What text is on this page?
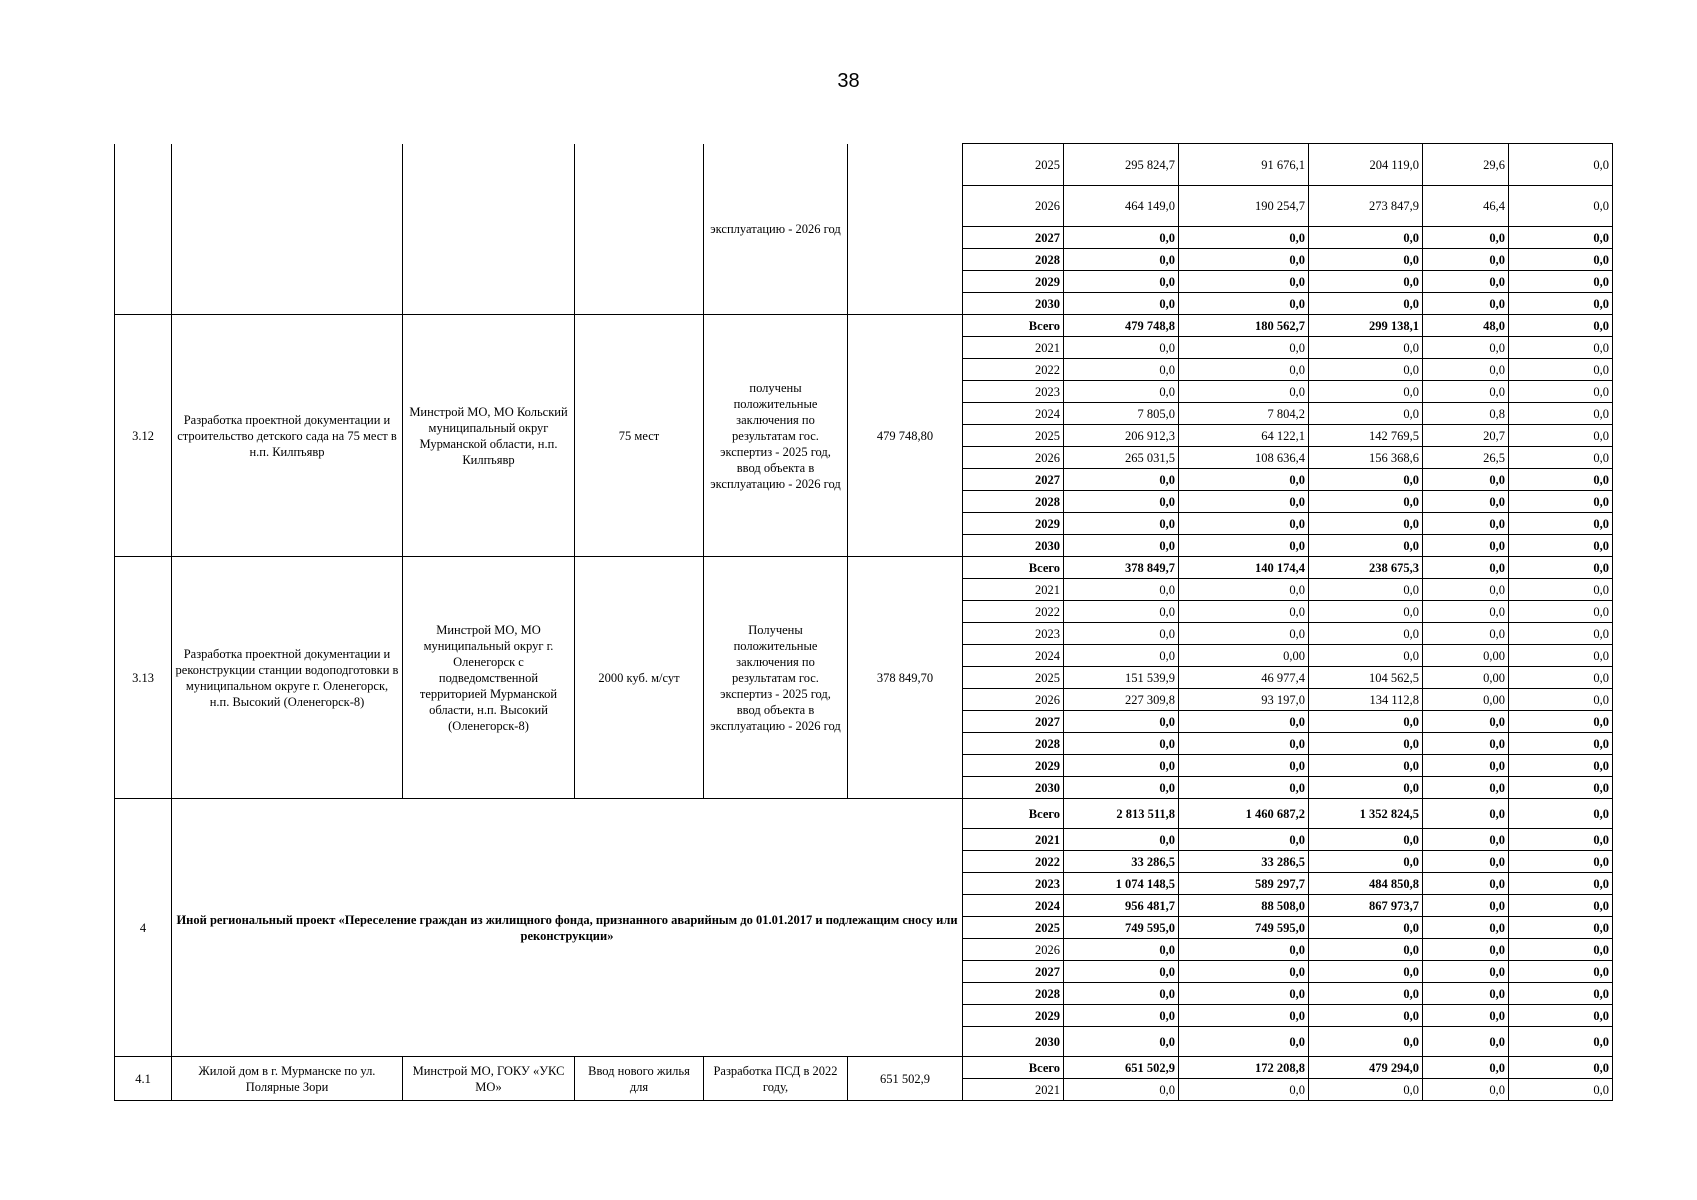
38
				эксплуатацию - 2026 год		2025	295 824,7	91 676,1	204 119,0	29,6	0,0
						2026	464 149,0	190 254,7	273 847,9	46,4	0,0
						2027	0,0	0,0	0,0	0,0	0,0
						2028	0,0	0,0	0,0	0,0	0,0
						2029	0,0	0,0	0,0	0,0	0,0
						2030	0,0	0,0	0,0	0,0	0,0
3.12	Разработка проектной документации и строительство детского сада на 75 мест в н.п. Килпъявр	Минстрой МО, МО Кольский муниципальный округ Мурманской области, н.п. Килпъявр	75 мест	получены положительные заключения по результатам гос. экспертиз - 2025 год, ввод объекта в эксплуатацию - 2026 год	479 748,80	Всего	479 748,8	180 562,7	299 138,1	48,0	0,0
						2021	0,0	0,0	0,0	0,0	0,0
						2022	0,0	0,0	0,0	0,0	0,0
						2023	0,0	0,0	0,0	0,0	0,0
						2024	7 805,0	7 804,2	0,0	0,8	0,0
						2025	206 912,3	64 122,1	142 769,5	20,7	0,0
						2026	265 031,5	108 636,4	156 368,6	26,5	0,0
						2027	0,0	0,0	0,0	0,0	0,0
						2028	0,0	0,0	0,0	0,0	0,0
						2029	0,0	0,0	0,0	0,0	0,0
						2030	0,0	0,0	0,0	0,0	0,0
3.13	Разработка проектной документации и реконструкции станции водоподготовки в муниципальном округе г. Оленегорск, н.п. Высокий (Оленегорск-8)	Минстрой МО, МО муниципальный округ г. Оленегорск с подведомственной территорией Мурманской области, н.п. Высокий (Оленегорск-8)	2000 куб. м/сут	Получены положительные заключения по результатам гос. экспертиз - 2025 год, ввод объекта в эксплуатацию - 2026 год	378 849,70	Всего	378 849,7	140 174,4	238 675,3	0,0	0,0
						2021	0,0	0,0	0,0	0,0	0,0
						2022	0,0	0,0	0,0	0,0	0,0
						2023	0,0	0,0	0,0	0,0	0,0
						2024	0,0	0,00	0,0	0,00	0,0
						2025	151 539,9	46 977,4	104 562,5	0,00	0,0
						2026	227 309,8	93 197,0	134 112,8	0,00	0,0
						2027	0,0	0,0	0,0	0,0	0,0
						2028	0,0	0,0	0,0	0,0	0,0
						2029	0,0	0,0	0,0	0,0	0,0
						2030	0,0	0,0	0,0	0,0	0,0
4	Иной региональный проект «Переселение граждан из жилищного фонда, признанного аварийным до 01.01.2017 и подлежащим сносу или реконструкции»					Всего	2 813 511,8	1 460 687,2	1 352 824,5	0,0	0,0
						2021	0,0	0,0	0,0	0,0	0,0
						2022	33 286,5	33 286,5	0,0	0,0	0,0
						2023	1 074 148,5	589 297,7	484 850,8	0,0	0,0
						2024	956 481,7	88 508,0	867 973,7	0,0	0,0
						2025	749 595,0	749 595,0	0,0	0,0	0,0
						2026	0,0	0,0	0,0	0,0	0,0
						2027	0,0	0,0	0,0	0,0	0,0
						2028	0,0	0,0	0,0	0,0	0,0
						2029	0,0	0,0	0,0	0,0	0,0
						2030	0,0	0,0	0,0	0,0	0,0
4.1	Жилой дом в г. Мурманске по ул. Полярные Зори	Минстрой МО, ГОКУ «УКС МО»	Ввод нового жилья для	Разработка ПСД в 2022 году,	651 502,9	Всего	651 502,9	172 208,8	479 294,0	0,0	0,0
						2021	0,0	0,0	0,0	0,0	0,0
